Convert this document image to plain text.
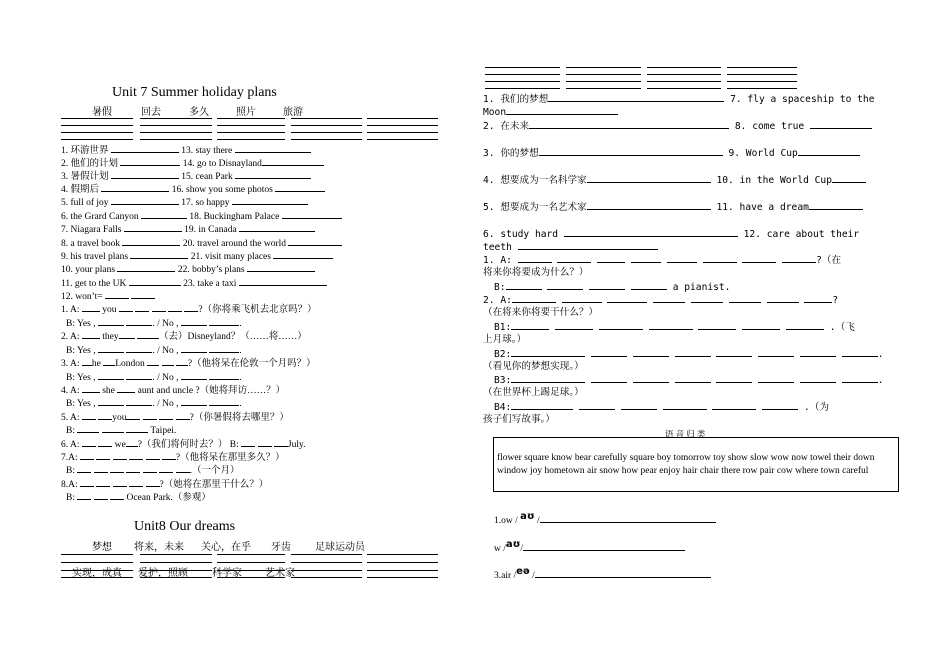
Unit 7 Summer holiday plans
暑假	回去	多久	照片	旅游
1. 环游世界	13. stay there
2. 他们的计划	14. go to Disnayland
3. 暑假计划	15. cean Park
4. 假期后	16. show you some photos
5. full of joy	17. so happy
6. the Grard Canyon	18. Buckingham Palace
7. Niagara Falls	19. in Canada
8. a travel book	20. travel around the world
9. his travel plans	21. visit many places
10. your plans	22. bobby’s plans
11. get to the UK	23. take a taxi
12. won’t=
1. A: you	?（你将乘飞机去北京吗？）
B: Yes ,	. / No ,	.
2. A: they	（去）Disneyland？（……将……）
B: Yes ,	. / No ,	.
3. A: he London	?（他将呆在伦敦一个月吗？）
B: Yes ,	. / No ,	.
4. A: she aunt and uncle ?（她将拜访……？）
B: Yes ,	. / No ,	.
5. A:	you	?（你暑假将去哪里？）
B:	Taipei.
6. A:	we ?（我们将何时去？） B:	July.
7.A:	?（他将呆在那里多久？）
B:	.（一个月）
8.A:	?（她将在那里干什么？）
B:	Ocean Park.（参观）
Unit8 Our dreams
梦想 将来，未来 关心，在乎 牙齿 足球运动员
实现，成真 爱护，照顾 科学家 艺术家
1. 我们的梦想	7. fly a spaceship to the
Moon
2. 在未来	8. come true
3. 你的梦想	9. World Cup
4. 想要成为一名科学家	10. in the World Cup
5. 想要成为一名艺术家	11. have a dream
6. study hard	12. care about their
teeth
1. A:	?（在
将来你将要成为什么？）
B:	a pianist.
2. A:	?
（在将来你将要干什么？）
B1:	.（飞
上月球。）
B2:	.
（看见你的梦想实现。）
B3:	.
（在世界杯上踢足球。）
B4:	.（为
孩子们写故事。）
语 音 归 类
flower square know bear carefully square boy tomorrow toy show slow wow now towel their down window joy hometown air snow how pear enjoy hair chair there row pair cow where town careful
1.ow / aʊ /
w /aʊ/
3.air /eə /
